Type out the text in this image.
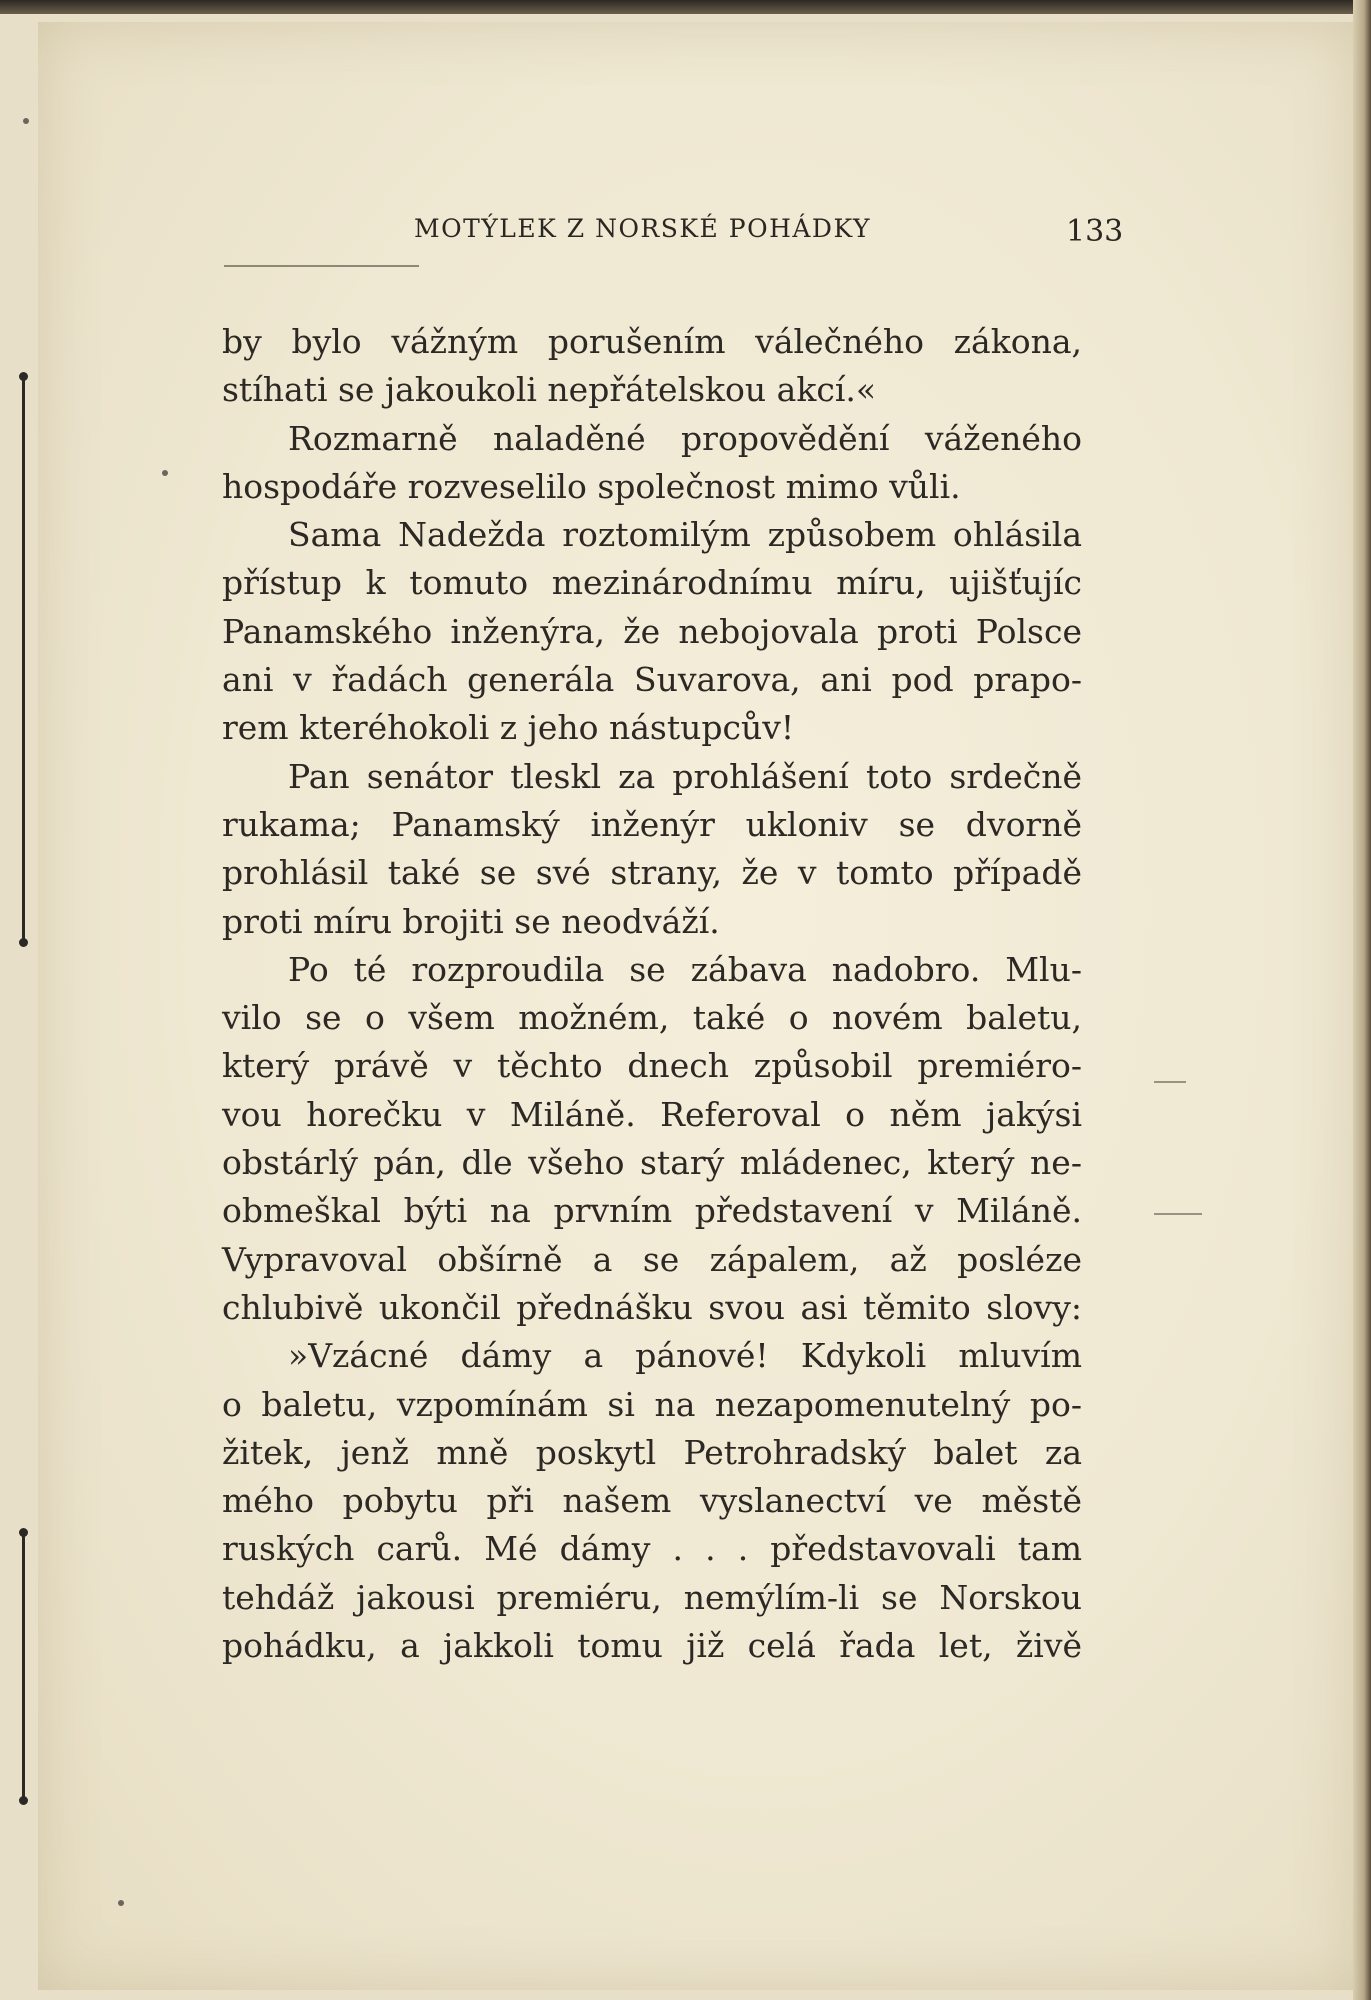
MOTÝLEK Z NORSKÉ POHÁDKY	133
by bylo vážným porušením válečného zákona,
stíhati se jakoukoli nepřátelskou akcí.«
Rozmarně naladěné propovědění váženého
hospodáře rozveselilo společnost mimo vůli.
Sama Nadežda roztomilým způsobem ohlásila
přístup k tomuto mezinárodnímu míru, ujišťujíc
Panamského inženýra, že nebojovala proti Polsce
ani v řadách generála Suvarova, ani pod prapo-
rem kteréhokoli z jeho nástupcův!
Pan senátor tleskl za prohlášení toto srdečně
rukama; Panamský inženýr ukloniv se dvorně
prohlásil také se své strany, že v tomto případě
proti míru brojiti se neodváží.
Po té rozproudila se zábava nadobro. Mlu-
vilo se o všem možném, také o novém baletu,
který právě v těchto dnech způsobil premiéro-
vou horečku v Miláně. Referoval o něm jakýsi
obstárlý pán, dle všeho starý mládenec, který ne-
obmeškal býti na prvním představení v Miláně.
Vypravoval obšírně a se zápalem, až posléze
chlubivě ukončil přednášku svou asi těmito slovy:
»Vzácné dámy a pánové! Kdykoli mluvím
o baletu, vzpomínám si na nezapomenutelný po-
žitek, jenž mně poskytl Petrohradský balet za
mého pobytu při našem vyslanectví ve městě
ruských carů. Mé dámy . . . představovali tam
tehdáž jakousi premiéru, nemýlím-li se Norskou
pohádku, a jakkoli tomu již celá řada let, živě
